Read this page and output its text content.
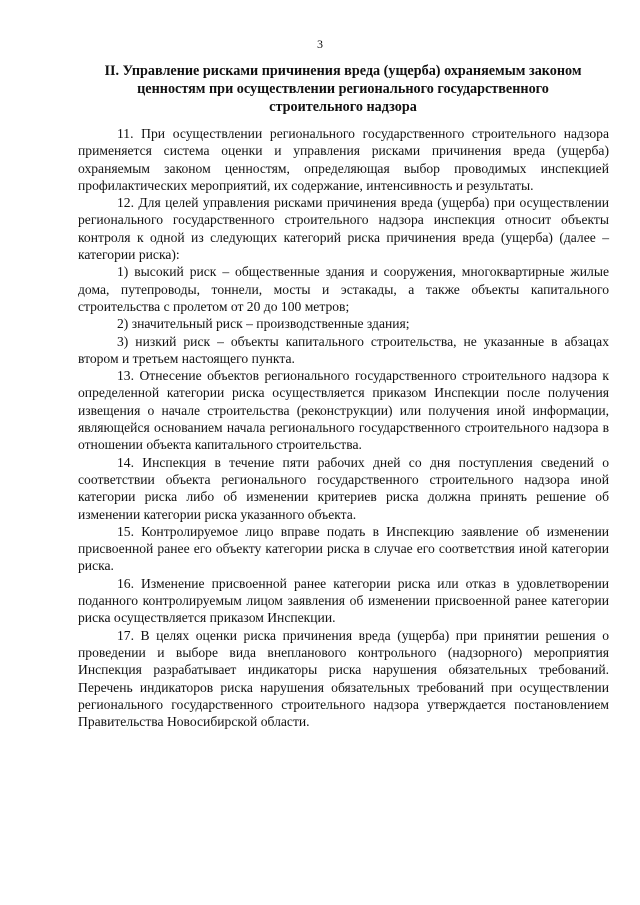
3
II. Управление рисками причинения вреда (ущерба) охраняемым законом
ценностям при осуществлении регионального государственного
строительного надзора

11. При осуществлении регионального государственного строительного надзора применяется система оценки и управления рисками причинения вреда (ущерба) охраняемым законом ценностям, определяющая выбор проводимых инспекцией профилактических мероприятий, их содержание, интенсивность и результаты.

12. Для целей управления рисками причинения вреда (ущерба) при осуществлении регионального государственного строительного надзора инспекция относит объекты контроля к одной из следующих категорий риска причинения вреда (ущерба) (далее – категории риска):

1) высокий риск – общественные здания и сооружения, многоквартирные жилые дома, путепроводы, тоннели, мосты и эстакады, а также объекты капитального строительства с пролетом от 20 до 100 метров;

2) значительный риск – производственные здания;

3) низкий риск – объекты капитального строительства, не указанные в абзацах втором и третьем настоящего пункта.

13. Отнесение объектов регионального государственного строительного надзора к определенной категории риска осуществляется приказом Инспекции после получения извещения о начале строительства (реконструкции) или получения иной информации, являющейся основанием начала регионального государственного строительного надзора в отношении объекта капитального строительства.

14. Инспекция в течение пяти рабочих дней со дня поступления сведений о соответствии объекта регионального государственного строительного надзора иной категории риска либо об изменении критериев риска должна принять решение об изменении категории риска указанного объекта.

15. Контролируемое лицо вправе подать в Инспекцию заявление об изменении присвоенной ранее его объекту категории риска в случае его соответствия иной категории риска.

16. Изменение присвоенной ранее категории риска или отказ в удовлетворении поданного контролируемым лицом заявления об изменении присвоенной ранее категории риска осуществляется приказом Инспекции.

17. В целях оценки риска причинения вреда (ущерба) при принятии решения о проведении и выборе вида внепланового контрольного (надзорного) мероприятия Инспекция разрабатывает индикаторы риска нарушения обязательных требований. Перечень индикаторов риска нарушения обязательных требований при осуществлении регионального государственного строительного надзора утверждается постановлением Правительства Новосибирской области.
